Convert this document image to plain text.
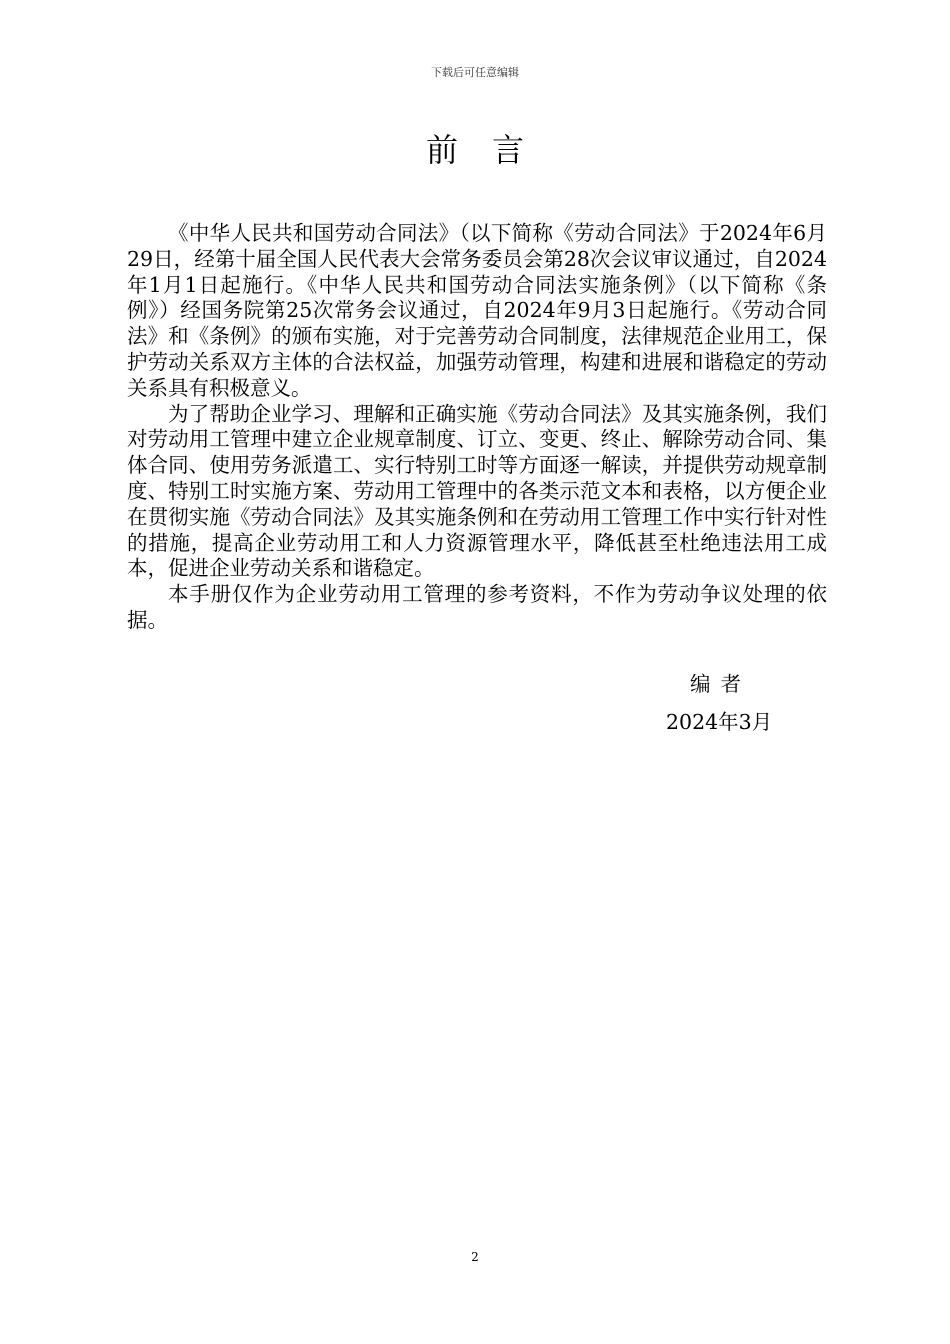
下载后可任意编辑
前言

《中华人民共和国劳动合同法》（以下简称《劳动合同法》于2024年6月29日，经第十届全国人民代表大会常务委员会第28次会议审议通过，自2024年1月1日起施行。《中华人民共和国劳动合同法实施条例》（以下简称《条例》）经国务院第25次常务会议通过，自2024年9月3日起施行。《劳动合同法》和《条例》的颁布实施，对于完善劳动合同制度，法律规范企业用工，保护劳动关系双方主体的合法权益，加强劳动管理，构建和进展和谐稳定的劳动关系具有积极意义。

为了帮助企业学习、理解和正确实施《劳动合同法》及其实施条例，我们对劳动用工管理中建立企业规章制度、订立、变更、终止、解除劳动合同、集体合同、使用劳务派遣工、实行特别工时等方面逐一解读，并提供劳动规章制度、特别工时实施方案、劳动用工管理中的各类示范文本和表格，以方便企业在贯彻实施《劳动合同法》及其实施条例和在劳动用工管理工作中实行针对性的措施，提高企业劳动用工和人力资源管理水平，降低甚至杜绝违法用工成本，促进企业劳动关系和谐稳定。

本手册仅作为企业劳动用工管理的参考资料，不作为劳动争议处理的依据。

编者
2024年3月
2
